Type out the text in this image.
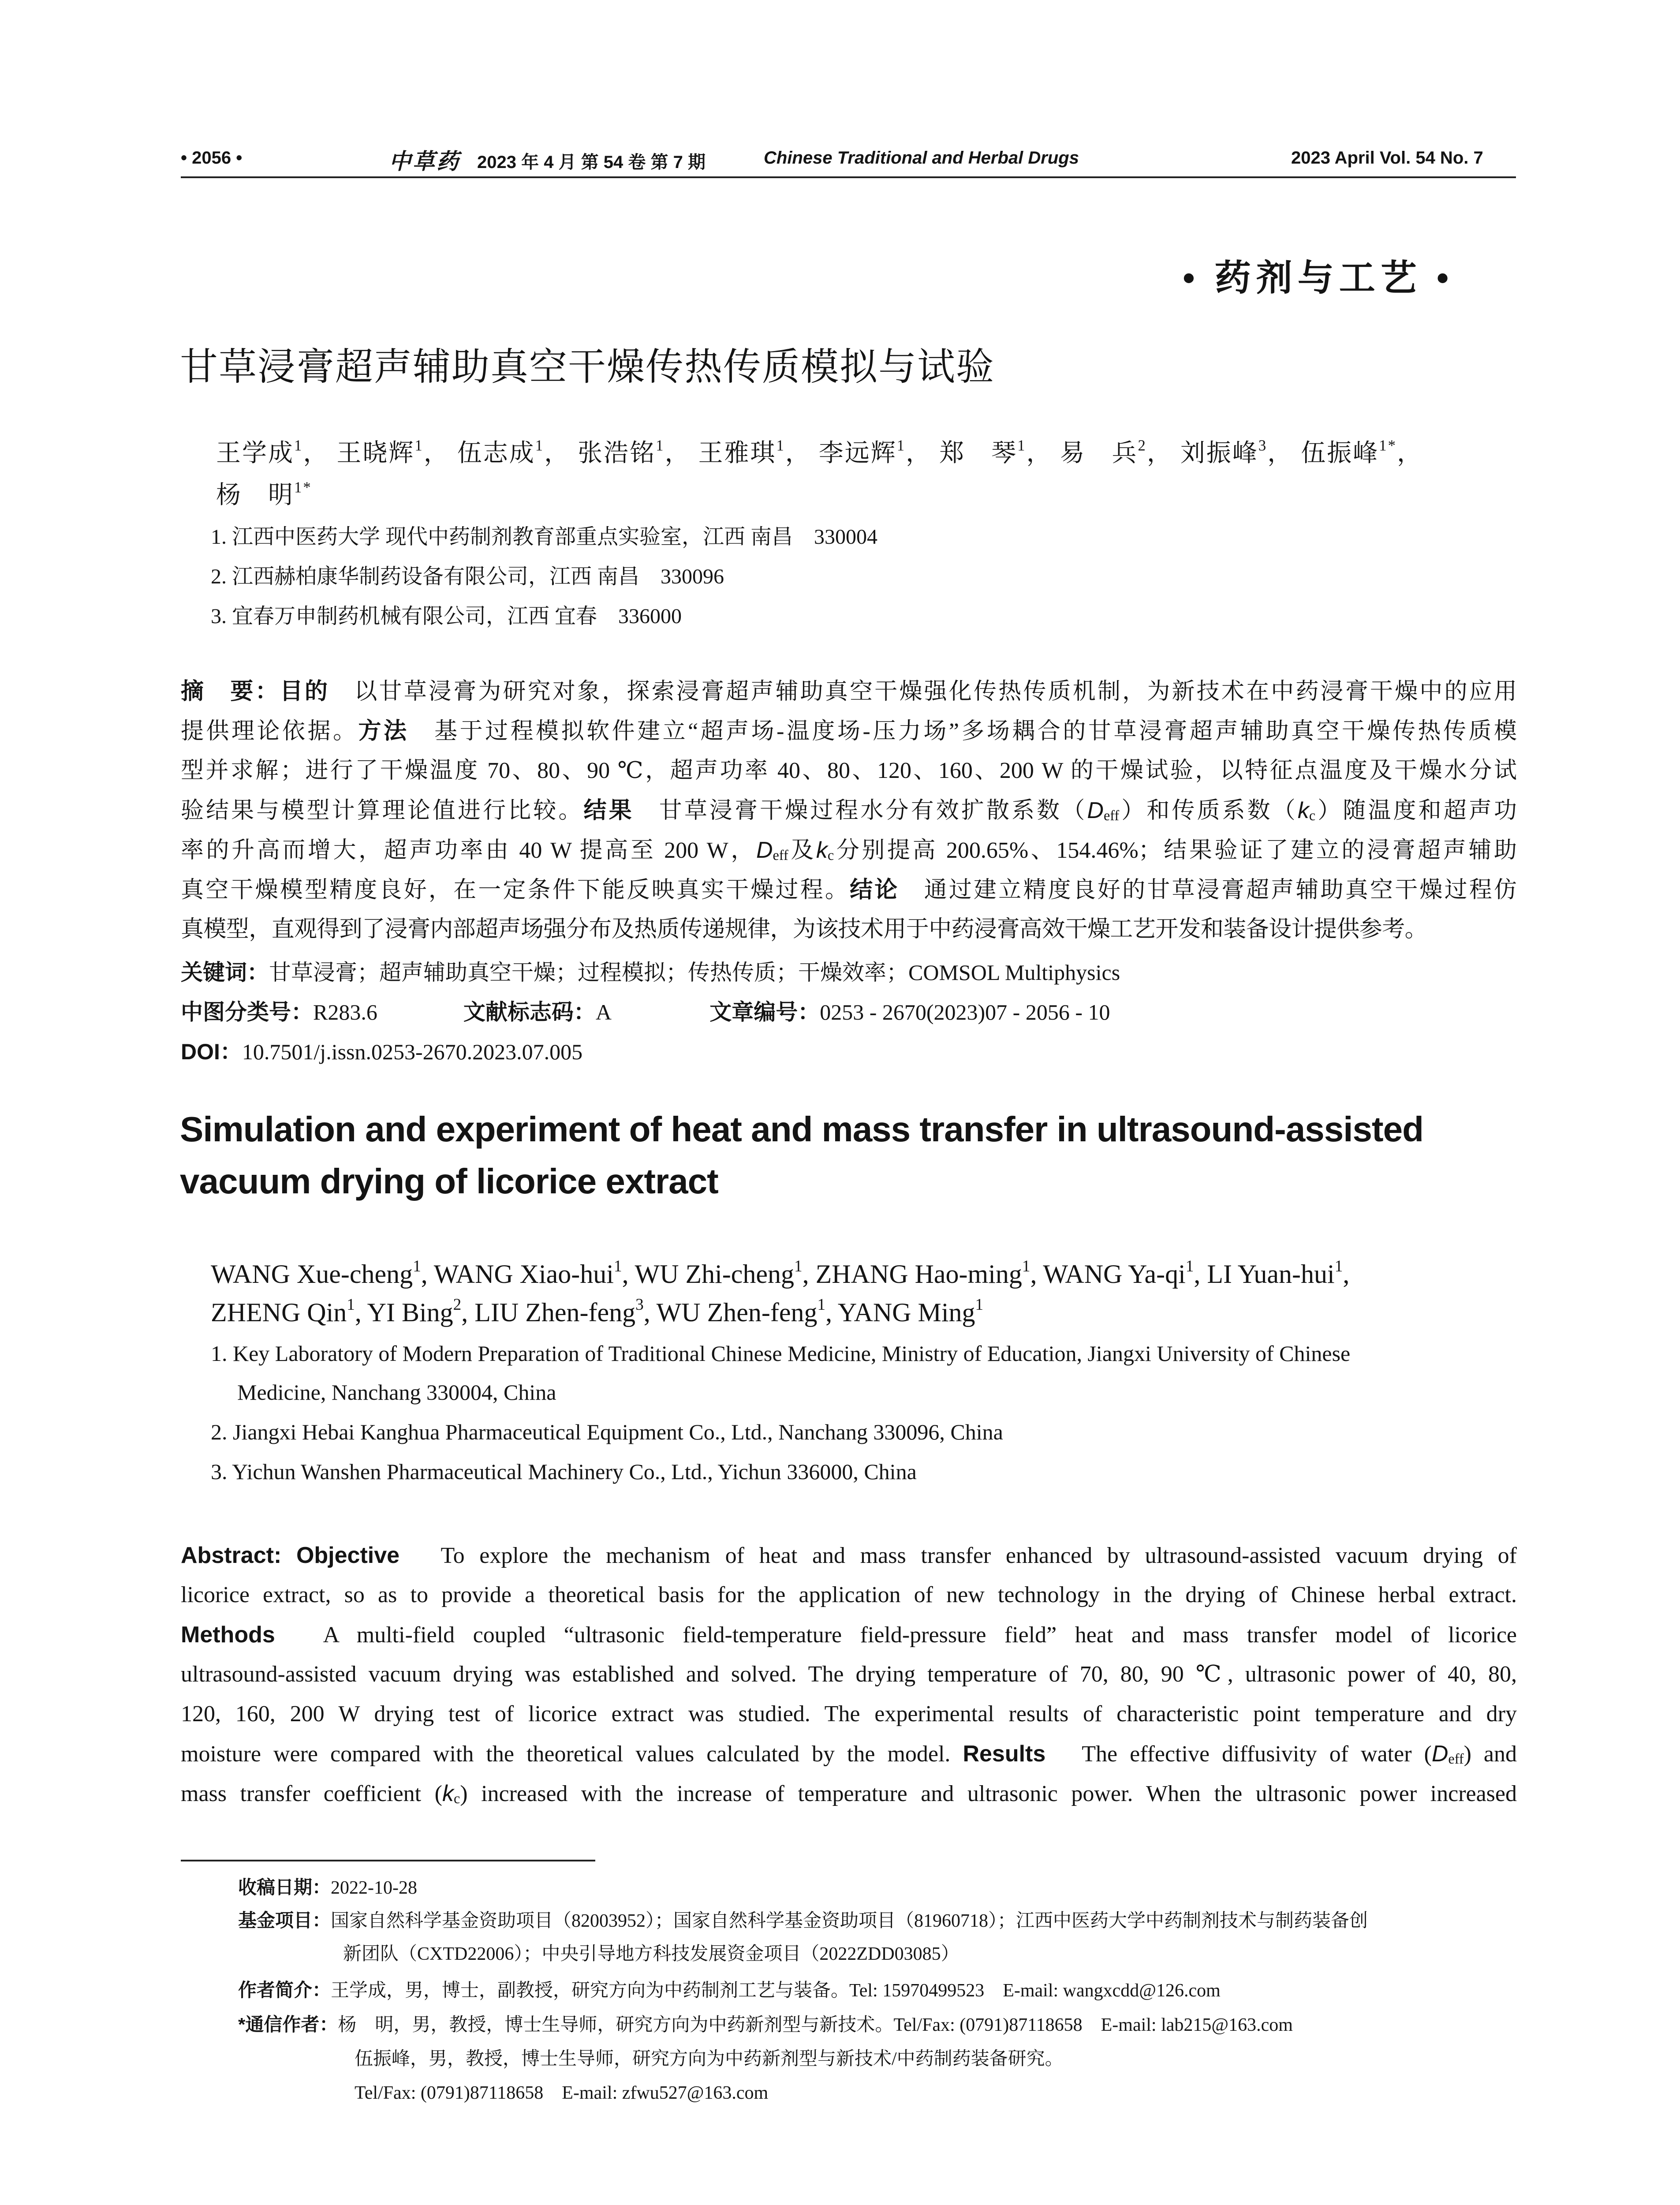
• 2056 •	中草药 2023 年 4 月 第 54 卷 第 7 期	Chinese Traditional and Herbal Drugs	2023 April Vol. 54 No. 7
• 药剂与工艺 •
甘草浸膏超声辅助真空干燥传热传质模拟与试验
王学成$^1$， 王晓辉$^1$， 伍志成$^1$， 张浩铭$^1$， 王雅琪$^1$， 李远辉$^1$， 郑　琴$^1$， 易　兵$^2$， 刘振峰$^3$， 伍振峰$^{1*}$，
杨　明$^{1*}$
1. 江西中医药大学 现代中药制剂教育部重点实验室，江西 南昌　330004
2. 江西赫柏康华制药设备有限公司，江西 南昌　330096
3. 宜春万申制药机械有限公司，江西 宜春　336000
摘　要：目的　 以甘草浸膏为研究对象，探索浸膏超声辅助真空干燥强化传热传质机制，为新技术在中药浸膏干燥中的应用
提供理论依据。方法　 基于过程模拟软件建立“超声场-温度场-压力场”多场耦合的甘草浸膏超声辅助真空干燥传热传质模
型并求解；进行了干燥温度 70、80、90 ℃，超声功率 40、80、120、160、200 W 的干燥试验，以特征点温度及干燥水分试
验结果与模型计算理论值进行比较。结果　 甘草浸膏干燥过程水分有效扩散系数$(D_{eff})$和传质系数$(k_c)$随温度和超声功
率的升高而增大，超声功率由 40 W 提高至 200 W，$D_{eff}$及$k_c$分别提高 200.65%、154.46%；结果验证了建立的浸膏超声辅助
真空干燥模型精度良好，在一定条件下能反映真实干燥过程。结论　 通过建立精度良好的甘草浸膏超声辅助真空干燥过程仿
真模型，直观得到了浸膏内部超声场强分布及热质传递规律，为该技术用于中药浸膏高效干燥工艺开发和装备设计提供参考。
关键词：甘草浸膏；超声辅助真空干燥；过程模拟；传热传质；干燥效率；COMSOL Multiphysics
中图分类号：R283.6	文献标志码：A	文章编号：0253 - 2670(2023)07 - 2056 - 10
DOI：10.7501/j.issn.0253-2670.2023.07.005
Simulation and experiment of heat and mass transfer in ultrasound-assisted vacuum drying of licorice extract
WANG Xue-cheng$^1$, WANG Xiao-hui$^1$, WU Zhi-cheng$^1$, ZHANG Hao-ming$^1$, WANG $Ya-qi^1$, LI Yuan-hui$^1$,
ZHENG Qin$^1$, YI Bing$^2$, LIU Zhen-feng$^3$, WU Zhen-feng$^1$, YANG Ming$^1$
1. Key Laboratory of Modern Preparation of Traditional Chinese Medicine, Ministry of Education, Jiangxi University of Chinese
Medicine, Nanchang 330004, China
2. Jiangxi Hebai Kanghua Pharmaceutical Equipment Co., Ltd., Nanchang 330096, China
3. Yichun Wanshen Pharmaceutical Machinery Co., Ltd., Yichun 336000, China
Abstract: Objective　 To explore the mechanism of heat and mass transfer enhanced by ultrasound-assisted vacuum drying of
licorice extract, so as to provide a theoretical basis for the application of new technology in the drying of Chinese herbal extract.
Methods　 A multi-field coupled “ultrasonic field-temperature field-pressure field” heat and mass transfer model of licorice
ultrasound-assisted vacuum drying was established and solved. The drying temperature of 70, 80, 90 ℃, ultrasonic power of 40, 80,
120, 160, 200 W drying test of licorice extract was studied. The experimental results of characteristic point temperature and dry
moisture were compared with the theoretical values calculated by the model. Results　 The effective diffusivity of water $(D_{eff})$ and
mass transfer coefficient $(k_c)$ increased with the increase of temperature and ultrasonic power. When the ultrasonic power increased
收稿日期：2022-10-28
基金项目：国家自然科学基金资助项目（82003952）；国家自然科学基金资助项目（81960718）；江西中医药大学中药制剂技术与制药装备创
新团队（CXTD22006）；中央引导地方科技发展资金项目（2022ZDD03085）
作者简介：王学成，男，博士，副教授，研究方向为中药制剂工艺与装备。Tel: 15970499523　E-mail: wangxcdd@126.com
*通信作者：杨　明，男，教授，博士生导师，研究方向为中药新剂型与新技术。Tel/Fax: (0791)87118658　E-mail: lab215@163.com
伍振峰，男，教授，博士生导师，研究方向为中药新剂型与新技术/中药制药装备研究。
Tel/Fax: (0791)87118658　E-mail: zfwu527@163.com
